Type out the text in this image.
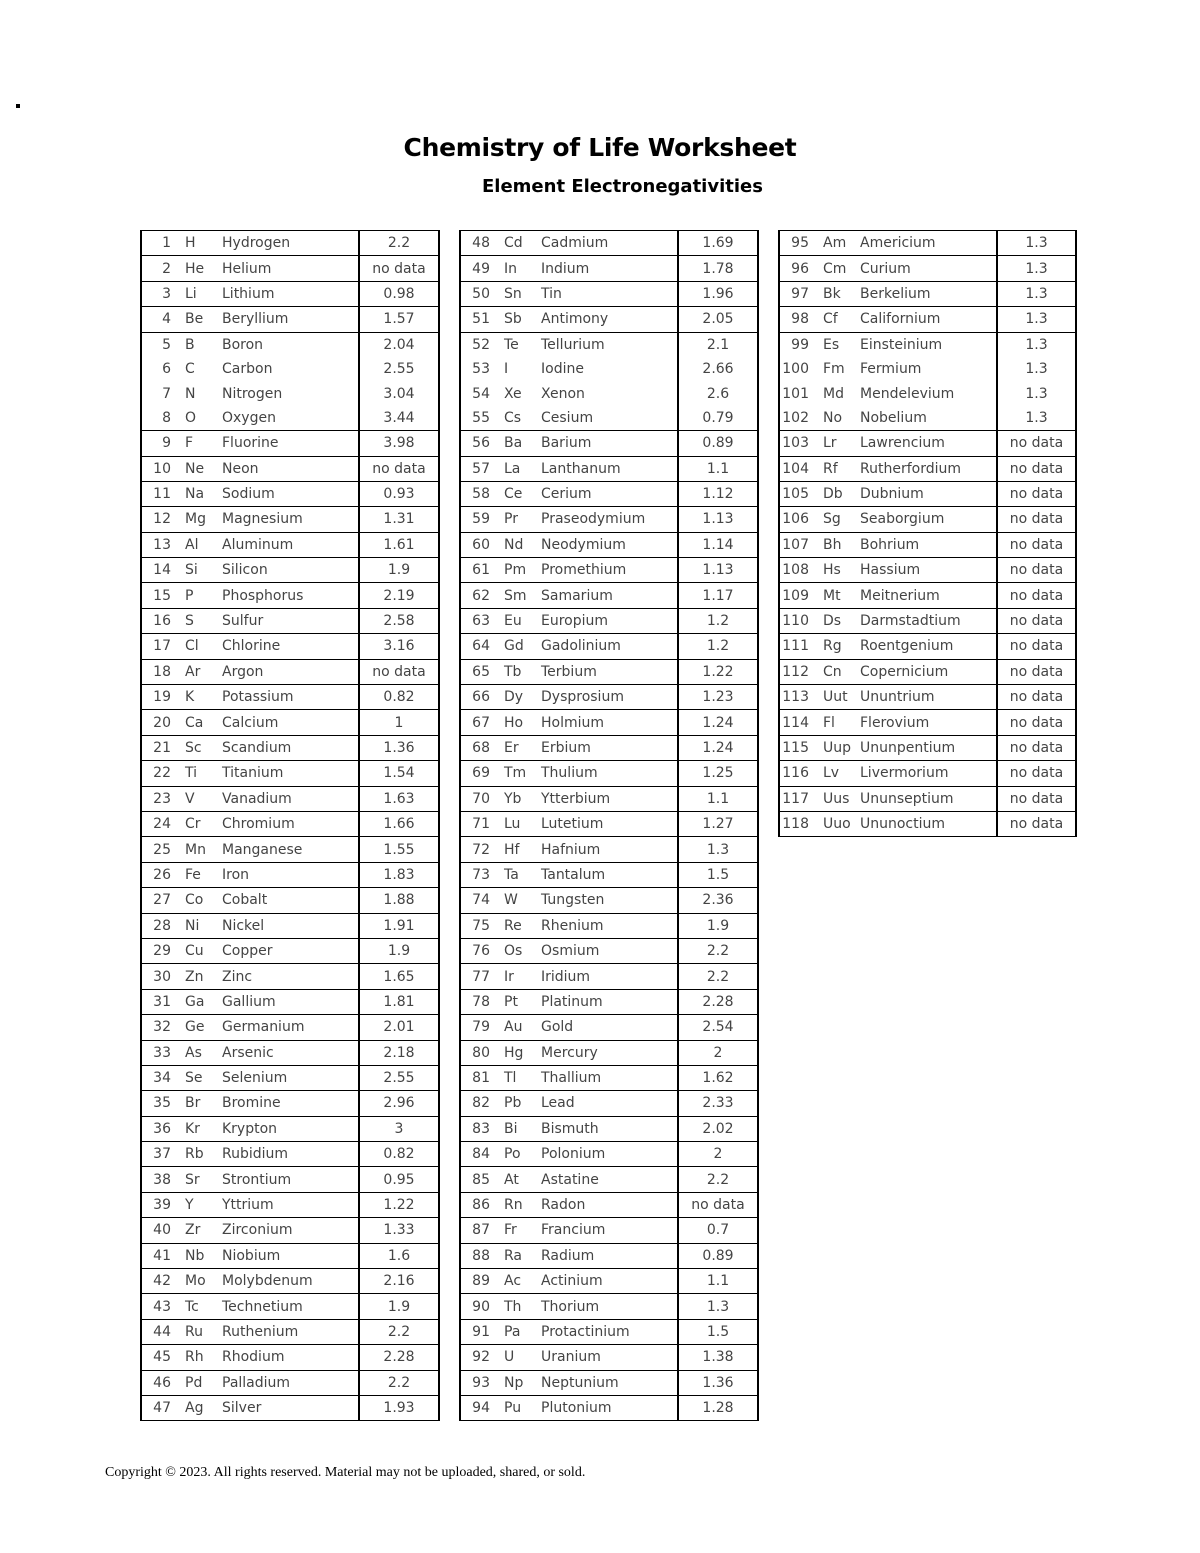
Chemistry of Life Worksheet
Element Electronegativities
1	H	Hydrogen	2.2
2	He	Helium	no data
3	Li	Lithium	0.98
4	Be	Beryllium	1.57
5	B	Boron	2.04
6	C	Carbon	2.55
7	N	Nitrogen	3.04
8	O	Oxygen	3.44
9	F	Fluorine	3.98
10	Ne	Neon	no data
11	Na	Sodium	0.93
12	Mg	Magnesium	1.31
13	Al	Aluminum	1.61
14	Si	Silicon	1.9
15	P	Phosphorus	2.19
16	S	Sulfur	2.58
17	Cl	Chlorine	3.16
18	Ar	Argon	no data
19	K	Potassium	0.82
20	Ca	Calcium	1
21	Sc	Scandium	1.36
22	Ti	Titanium	1.54
23	V	Vanadium	1.63
24	Cr	Chromium	1.66
25	Mn	Manganese	1.55
26	Fe	Iron	1.83
27	Co	Cobalt	1.88
28	Ni	Nickel	1.91
29	Cu	Copper	1.9
30	Zn	Zinc	1.65
31	Ga	Gallium	1.81
32	Ge	Germanium	2.01
33	As	Arsenic	2.18
34	Se	Selenium	2.55
35	Br	Bromine	2.96
36	Kr	Krypton	3
37	Rb	Rubidium	0.82
38	Sr	Strontium	0.95
39	Y	Yttrium	1.22
40	Zr	Zirconium	1.33
41	Nb	Niobium	1.6
42	Mo	Molybdenum	2.16
43	Tc	Technetium	1.9
44	Ru	Ruthenium	2.2
45	Rh	Rhodium	2.28
46	Pd	Palladium	2.2
47	Ag	Silver	1.93
48	Cd	Cadmium	1.69
49	In	Indium	1.78
50	Sn	Tin	1.96
51	Sb	Antimony	2.05
52	Te	Tellurium	2.1
53	I	Iodine	2.66
54	Xe	Xenon	2.6
55	Cs	Cesium	0.79
56	Ba	Barium	0.89
57	La	Lanthanum	1.1
58	Ce	Cerium	1.12
59	Pr	Praseodymium	1.13
60	Nd	Neodymium	1.14
61	Pm	Promethium	1.13
62	Sm	Samarium	1.17
63	Eu	Europium	1.2
64	Gd	Gadolinium	1.2
65	Tb	Terbium	1.22
66	Dy	Dysprosium	1.23
67	Ho	Holmium	1.24
68	Er	Erbium	1.24
69	Tm	Thulium	1.25
70	Yb	Ytterbium	1.1
71	Lu	Lutetium	1.27
72	Hf	Hafnium	1.3
73	Ta	Tantalum	1.5
74	W	Tungsten	2.36
75	Re	Rhenium	1.9
76	Os	Osmium	2.2
77	Ir	Iridium	2.2
78	Pt	Platinum	2.28
79	Au	Gold	2.54
80	Hg	Mercury	2
81	Tl	Thallium	1.62
82	Pb	Lead	2.33
83	Bi	Bismuth	2.02
84	Po	Polonium	2
85	At	Astatine	2.2
86	Rn	Radon	no data
87	Fr	Francium	0.7
88	Ra	Radium	0.89
89	Ac	Actinium	1.1
90	Th	Thorium	1.3
91	Pa	Protactinium	1.5
92	U	Uranium	1.38
93	Np	Neptunium	1.36
94	Pu	Plutonium	1.28
95	Am	Americium	1.3
96	Cm	Curium	1.3
97	Bk	Berkelium	1.3
98	Cf	Californium	1.3
99	Es	Einsteinium	1.3
100	Fm	Fermium	1.3
101	Md	Mendelevium	1.3
102	No	Nobelium	1.3
103	Lr	Lawrencium	no data
104	Rf	Rutherfordium	no data
105	Db	Dubnium	no data
106	Sg	Seaborgium	no data
107	Bh	Bohrium	no data
108	Hs	Hassium	no data
109	Mt	Meitnerium	no data
110	Ds	Darmstadtium	no data
111	Rg	Roentgenium	no data
112	Cn	Copernicium	no data
113	Uut	Ununtrium	no data
114	Fl	Flerovium	no data
115	Uup	Ununpentium	no data
116	Lv	Livermorium	no data
117	Uus	Ununseptium	no data
118	Uuo	Ununoctium	no data
Copyright © 2023. All rights reserved. Material may not be uploaded, shared, or sold.
